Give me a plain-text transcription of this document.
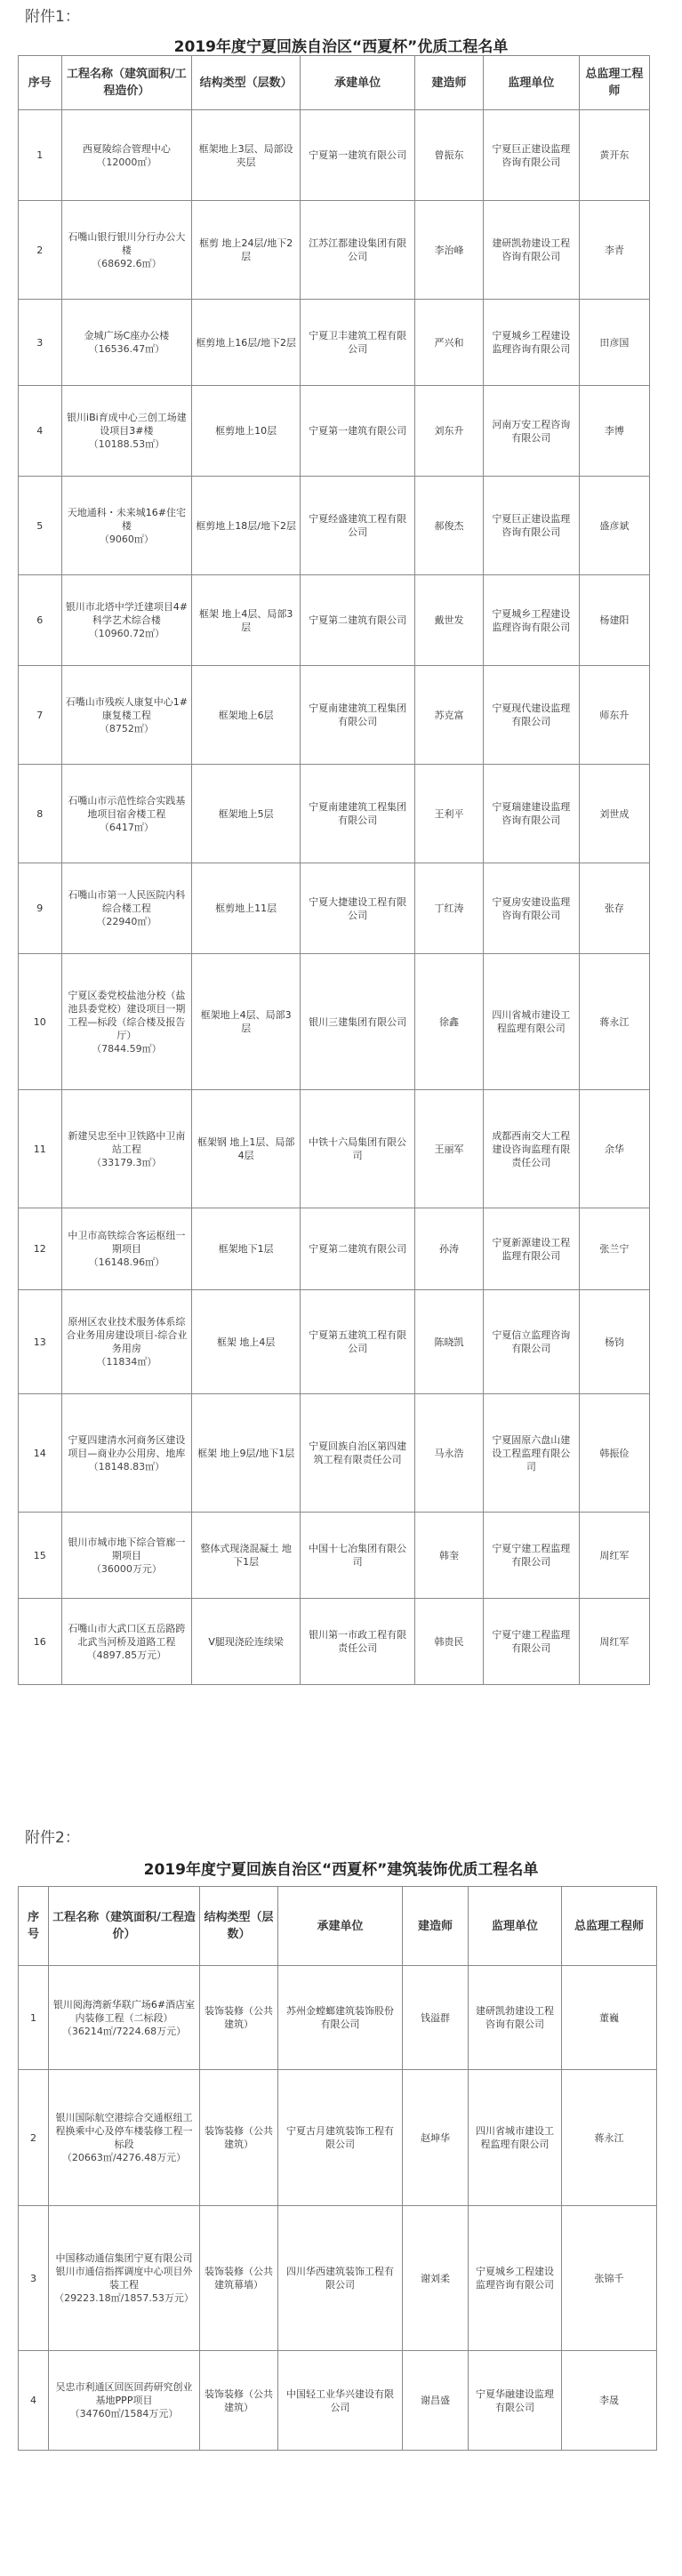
附件1：
2019年度宁夏回族自治区“西夏杯”优质工程名单
序号	工程名称（建筑面积/工程造价）	结构类型（层数）	承建单位	建造师	监理单位	总监理工程师
1	西夏陵综合管理中心
（12000㎡）	框架地上3层、局部设夹层	宁夏第一建筑有限公司	曾振东	宁夏巨正建设监理咨询有限公司	黄开东
2	石嘴山银行银川分行办公大楼
（68692.6㎡）	框剪 地上24层/地下2层	江苏江都建设集团有限公司	李治峰	建研凯勃建设工程咨询有限公司	李青
3	金城广场C座办公楼
（16536.47㎡）	框剪地上16层/地下2层	宁夏卫丰建筑工程有限公司	严兴和	宁夏城乡工程建设监理咨询有限公司	田彦国
4	银川iBi育成中心三创工场建设项目3#楼
（10188.53㎡）	框剪地上10层	宁夏第一建筑有限公司	刘东升	河南万安工程咨询有限公司	李博
5	天地通科・未来城16#住宅楼
（9060㎡）	框剪地上18层/地下2层	宁夏经盛建筑工程有限公司	郝俊杰	宁夏巨正建设监理咨询有限公司	盛彦斌
6	银川市北塔中学迁建项目4#科学艺术综合楼
（10960.72㎡）	框架 地上4层、局部3层	宁夏第二建筑有限公司	戴世发	宁夏城乡工程建设监理咨询有限公司	杨建阳
7	石嘴山市残疾人康复中心1#康复楼工程
（8752㎡）	框架地上6层	宁夏南建建筑工程集团有限公司	苏克富	宁夏现代建设监理有限公司	师东升
8	石嘴山市示范性综合实践基地项目宿舍楼工程
（6417㎡）	框架地上5层	宁夏南建建筑工程集团有限公司	王利平	宁夏瑞建建设监理咨询有限公司	刘世成
9	石嘴山市第一人民医院内科综合楼工程
（22940㎡）	框剪地上11层	宁夏大捷建设工程有限公司	丁红涛	宁夏房安建设监理咨询有限公司	张存
10	宁夏区委党校盐池分校（盐池县委党校）建设项目一期工程—标段（综合楼及报告厅）
（7844.59㎡）	框架地上4层、局部3层	银川三建集团有限公司	徐鑫	四川省城市建设工程监理有限公司	蒋永江
11	新建吴忠至中卫铁路中卫南站工程
（33179.3㎡）	框架钢 地上1层、局部4层	中铁十六局集团有限公司	王丽军	成都西南交大工程建设咨询监理有限责任公司	余华
12	中卫市高铁综合客运枢纽一期项目
（16148.96㎡）	框架地下1层	宁夏第二建筑有限公司	孙涛	宁夏新源建设工程监理有限公司	张兰宁
13	原州区农业技术服务体系综合业务用房建设项目-综合业务用房
（11834㎡）	框架 地上4层	宁夏第五建筑工程有限公司	陈晓凯	宁夏信立监理咨询有限公司	杨钧
14	宁夏四建清水河商务区建设项目—商业办公用房、地库
（18148.83㎡）	框架 地上9层/地下1层	宁夏回族自治区第四建筑工程有限责任公司	马永浩	宁夏固原六盘山建设工程监理有限公司	韩振俭
15	银川市城市地下综合管廊一期项目
（36000万元）	整体式现浇混凝土 地下1层	中国十七冶集团有限公司	韩奎	宁夏宁建工程监理有限公司	周红军
16	石嘴山市大武口区五岳路跨北武当河桥及道路工程
（4897.85万元）	V腿现浇砼连续梁	银川第一市政工程有限责任公司	韩贵民	宁夏宁建工程监理有限公司	周红军
附件2：
2019年度宁夏回族自治区“西夏杯”建筑装饰优质工程名单
序号	工程名称（建筑面积/工程造价）	结构类型（层数）	承建单位	建造师	监理单位	总监理工程师
1	银川阅海湾新华联广场6#酒店室内装修工程（二标段）
（36214㎡/7224.68万元）	装饰装修（公共建筑）	苏州金螳螂建筑装饰股份有限公司	钱溢群	建研凯勃建设工程咨询有限公司	董巍
2	银川国际航空港综合交通枢纽工程换乘中心及停车楼装修工程一标段
（20663㎡/4276.48万元）	装饰装修（公共建筑）	宁夏古月建筑装饰工程有限公司	赵坤华	四川省城市建设工程监理有限公司	蒋永江
3	中国移动通信集团宁夏有限公司银川市通信指挥调度中心项目外装工程
（29223.18㎡/1857.53万元）	装饰装修（公共建筑幕墙）	四川华西建筑装饰工程有限公司	谢刘柔	宁夏城乡工程建设监理咨询有限公司	张锦千
4	吴忠市利通区回医回药研究创业基地PPP项目
（34760㎡/1584万元）	装饰装修（公共建筑）	中国轻工业华兴建设有限公司	谢昌盛	宁夏华融建设监理有限公司	李晟
